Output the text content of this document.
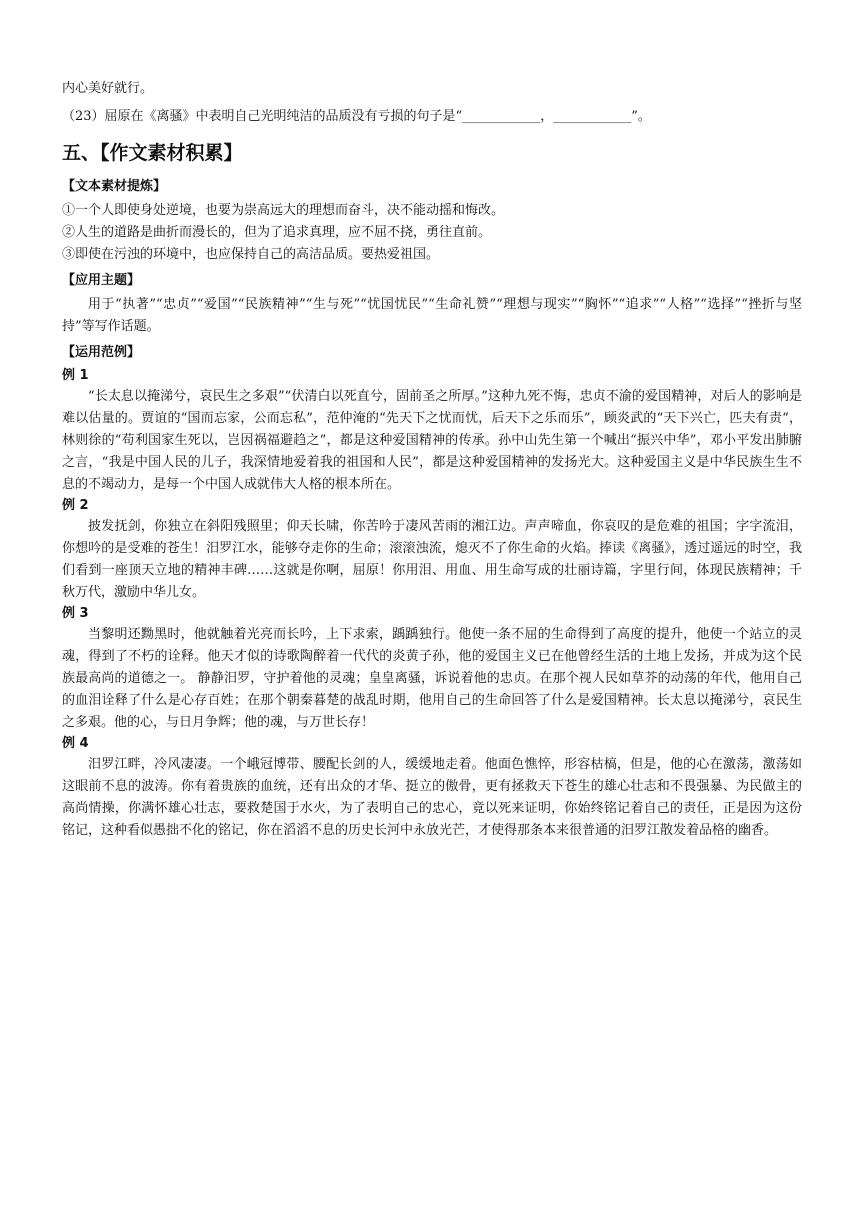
内心美好就行。

（23）屈原在《离骚》中表明自己光明纯洁的品质没有亏损的句子是“____________，____________”。

五、【作文素材积累】
【文本素材提炼】

①一个人即使身处逆境，也要为崇高远大的理想而奋斗，决不能动摇和悔改。

②人生的道路是曲折而漫长的，但为了追求真理，应不屈不挠，勇往直前。

③即使在污浊的环境中，也应保持自己的高洁品质。要热爱祖国。

【应用主题】

用于“执著”“忠贞”“爱国”“民族精神”“生与死”“忧国忧民”“生命礼赞”“理想与现实”“胸怀”“追求”“人格”“选择”“挫折与坚持”等写作话题。

【运用范例】

例 1

“长太息以掩涕兮，哀民生之多艰”“伏清白以死直兮，固前圣之所厚。”这种九死不悔，忠贞不渝的爱国精神，对后人的影响是难以估量的。贾谊的“国而忘家，公而忘私”，范仲淹的“先天下之忧而忧，后天下之乐而乐”，顾炎武的“天下兴亡，匹夫有责“，林则徐的“苟利国家生死以，岂因祸福避趋之”，都是这种爱国精神的传承。孙中山先生第一个喊出“振兴中华”，邓小平发出肺腑之言，“我是中国人民的儿子，我深情地爱着我的祖国和人民”，都是这种爱国精神的发扬光大。这种爱国主义是中华民族生生不息的不竭动力，是每一个中国人成就伟大人格的根本所在。

例 2

披发抚剑，你独立在斜阳残照里；仰天长啸，你苦吟于凄风苦雨的湘江边。声声啼血，你哀叹的是危难的祖国；字字流泪，你想吟的是受难的苍生！汨罗江水，能够夺走你的生命；滚滚浊流，熄灭不了你生命的火焰。捧读《离骚》，透过遥远的时空，我们看到一座顶天立地的精神丰碑……这就是你啊，屈原！你用泪、用血、用生命写成的壮丽诗篇，字里行间，体现民族精神；千秋万代，激励中华儿女。

例 3

当黎明还黝黑时，他就触着光亮而长吟，上下求索，踽踽独行。他使一条不屈的生命得到了高度的提升，他使一个站立的灵魂，得到了不朽的诠释。他天才似的诗歌陶醉着一代代的炎黄子孙，他的爱国主义已在他曾经生活的土地上发扬，并成为这个民族最高尚的道德之一。 静静汨罗，守护着他的灵魂；皇皇离骚，诉说着他的忠贞。在那个视人民如草芥的动荡的年代，他用自己的血泪诠释了什么是心存百姓；在那个朝秦暮楚的战乱时期，他用自己的生命回答了什么是爱国精神。长太息以掩涕兮，哀民生之多艰。他的心，与日月争辉；他的魂，与万世长存！

例 4

汨罗江畔，冷风凄凄。一个峨冠博带、腰配长剑的人，缓缓地走着。他面色憔悴，形容枯槁，但是，他的心在激荡，激荡如这眼前不息的波涛。你有着贵族的血统，还有出众的才华、挺立的傲骨，更有拯救天下苍生的雄心壮志和不畏强暴、为民做主的高尚情操，你满怀雄心壮志，要救楚国于水火，为了表明自己的忠心，竟以死来证明，你始终铭记着自己的责任，正是因为这份铭记，这种看似愚拙不化的铭记，你在滔滔不息的历史长河中永放光芒，才使得那条本来很普通的汨罗江散发着品格的幽香。
